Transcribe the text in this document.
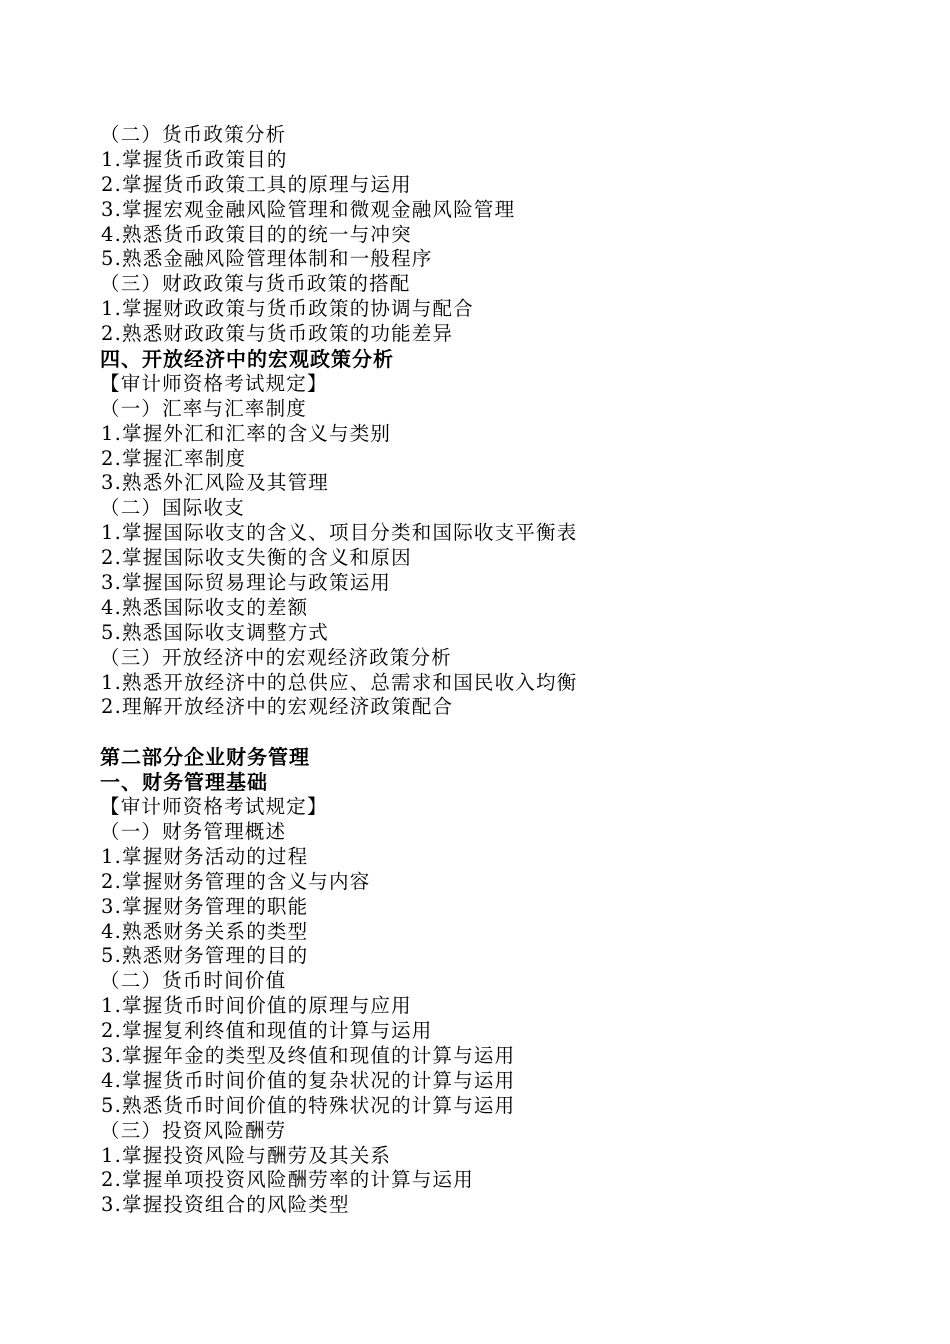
（二）货币政策分析
1.掌握货币政策目的
2.掌握货币政策工具的原理与运用
3.掌握宏观金融风险管理和微观金融风险管理
4.熟悉货币政策目的的统一与冲突
5.熟悉金融风险管理体制和一般程序
（三）财政政策与货币政策的搭配
1.掌握财政政策与货币政策的协调与配合
2.熟悉财政政策与货币政策的功能差异
四、开放经济中的宏观政策分析
【审计师资格考试规定】
（一）汇率与汇率制度
1.掌握外汇和汇率的含义与类别
2.掌握汇率制度
3.熟悉外汇风险及其管理
（二）国际收支
1.掌握国际收支的含义、项目分类和国际收支平衡表
2.掌握国际收支失衡的含义和原因
3.掌握国际贸易理论与政策运用
4.熟悉国际收支的差额
5.熟悉国际收支调整方式
（三）开放经济中的宏观经济政策分析
1.熟悉开放经济中的总供应、总需求和国民收入均衡
2.理解开放经济中的宏观经济政策配合
第二部分企业财务管理
一、财务管理基础
【审计师资格考试规定】
（一）财务管理概述
1.掌握财务活动的过程
2.掌握财务管理的含义与内容
3.掌握财务管理的职能
4.熟悉财务关系的类型
5.熟悉财务管理的目的
（二）货币时间价值
1.掌握货币时间价值的原理与应用
2.掌握复利终值和现值的计算与运用
3.掌握年金的类型及终值和现值的计算与运用
4.掌握货币时间价值的复杂状况的计算与运用
5.熟悉货币时间价值的特殊状况的计算与运用
（三）投资风险酬劳
1.掌握投资风险与酬劳及其关系
2.掌握单项投资风险酬劳率的计算与运用
3.掌握投资组合的风险类型
